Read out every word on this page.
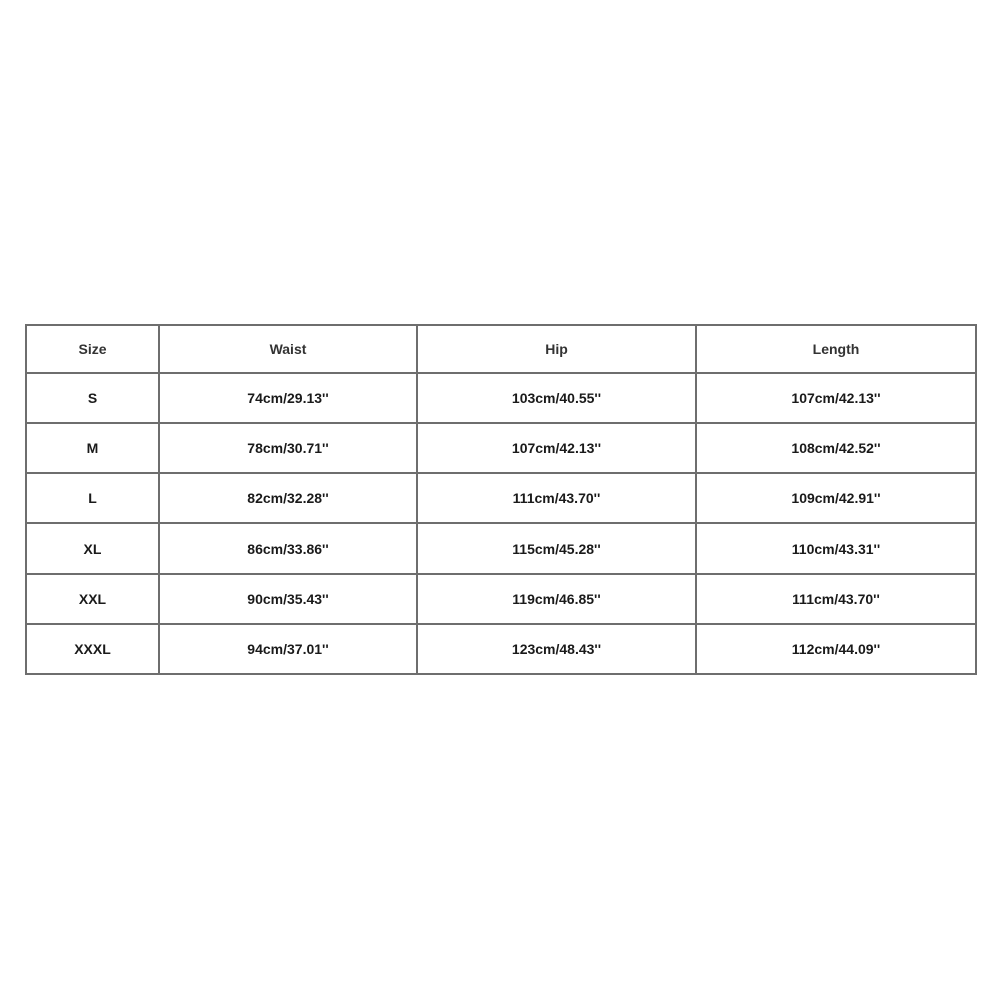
Size	Waist	Hip	Length
S	74cm/29.13''	103cm/40.55''	107cm/42.13''
M	78cm/30.71''	107cm/42.13''	108cm/42.52''
L	82cm/32.28''	111cm/43.70''	109cm/42.91''
XL	86cm/33.86''	115cm/45.28''	110cm/43.31''
XXL	90cm/35.43''	119cm/46.85''	111cm/43.70''
XXXL	94cm/37.01''	123cm/48.43''	112cm/44.09''
